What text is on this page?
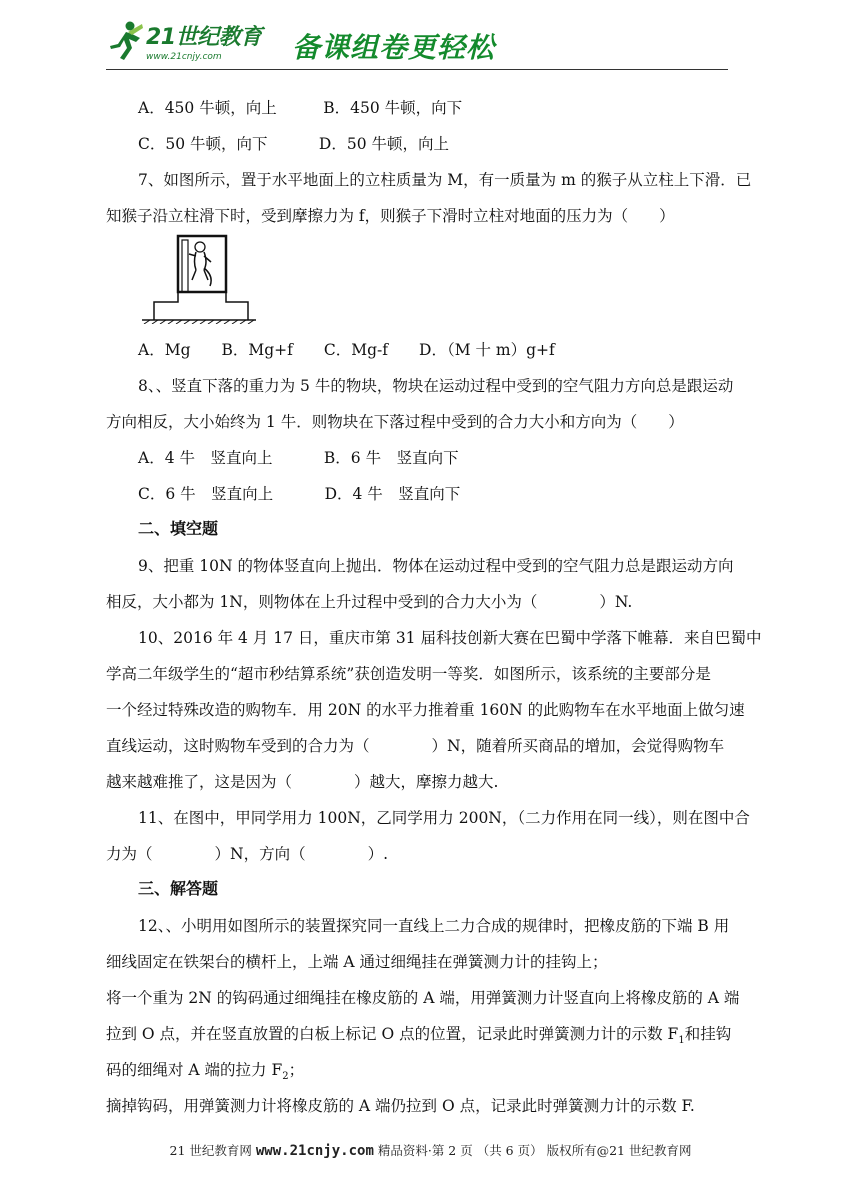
21世纪教育
www.21cnjy.com	备课组卷更轻松
A．450 牛顿，向上　　　B．450 牛顿，向下
C．50 牛顿，向下　　　 D．50 牛顿，向上
7、如图所示，置于水平地面上的立柱质量为 M，有一质量为 m 的猴子从立柱上下滑．已
知猴子沿立柱滑下时，受到摩擦力为 f，则猴子下滑时立柱对地面的压力为（　　）
A．Mg　　B．Mg+f　　C．Mg-f　　D．（M 十 m）g+f
8、、竖直下落的重力为 5 牛的物块，物块在运动过程中受到的空气阻力方向总是跟运动
方向相反，大小始终为 1 牛．则物块在下落过程中受到的合力大小和方向为（　　）
A．4 牛　竖直向上　　　 B．6 牛　竖直向下
C．6 牛　竖直向上　　　 D．4 牛　竖直向下
二、填空题
9、把重 10N 的物体竖直向上抛出．物体在运动过程中受到的空气阻力总是跟运动方向
相反，大小都为 1N，则物体在上升过程中受到的合力大小为（　　　　）N.
10、2016 年 4 月 17 日，重庆市第 31 届科技创新大赛在巴蜀中学落下帷幕．来自巴蜀中
学高二年级学生的“超市秒结算系统”获创造发明一等奖．如图所示，该系统的主要部分是
一个经过特殊改造的购物车．用 20N 的水平力推着重 160N 的此购物车在水平地面上做匀速
直线运动，这时购物车受到的合力为（　　　　）N，随着所买商品的增加，会觉得购物车
越来越难推了，这是因为（　　　　）越大，摩擦力越大.
11、在图中，甲同学用力 100N，乙同学用力 200N，（二力作用在同一线），则在图中合
力为（　　　　）N，方向（　　　　）.
三、解答题
12、、小明用如图所示的装置探究同一直线上二力合成的规律时，把橡皮筋的下端 B 用
细线固定在铁架台的横杆上，上端 A 通过细绳挂在弹簧测力计的挂钩上；
将一个重为 2N 的钩码通过细绳挂在橡皮筋的 A 端，用弹簧测力计竖直向上将橡皮筋的 A 端
拉到 O 点，并在竖直放置的白板上标记 O 点的位置，记录此时弹簧测力计的示数 $F_1$和挂钩
码的细绳对 A 端的拉力 $F_2$；
摘掉钩码，用弹簧测力计将橡皮筋的 A 端仍拉到 O 点，记录此时弹簧测力计的示数 F.
21 世纪教育网 www.21cnjy.com 精品资料·第 2 页 （共 6 页） 版权所有@21 世纪教育网
